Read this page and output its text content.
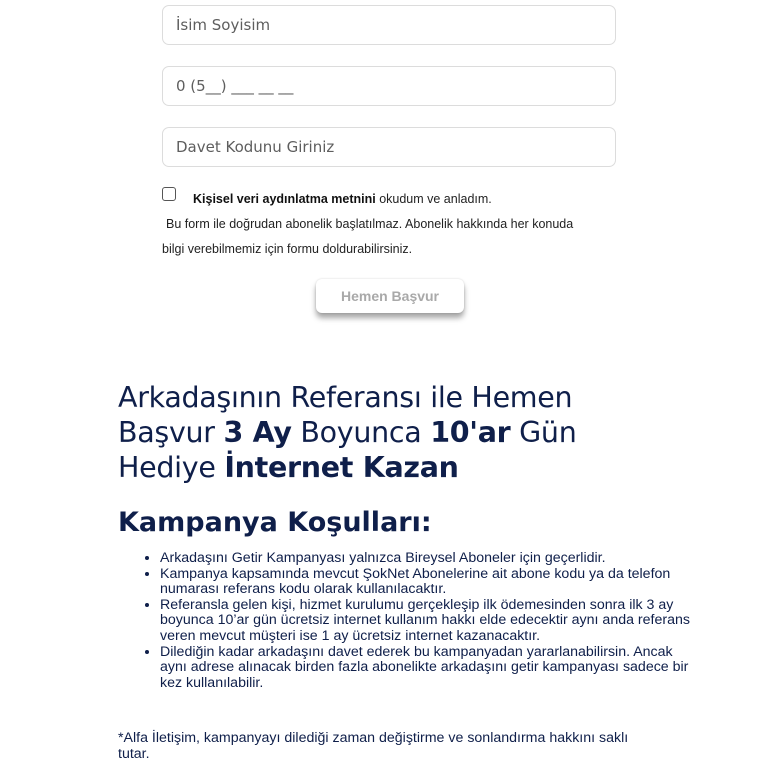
İsim Soyisim
0 (5__) ___ __ __
Davet Kodunu Giriniz
Kişisel veri aydınlatma metnini okudum ve anladım.
Bu form ile doğrudan abonelik başlatılmaz. Abonelik hakkında her konuda
bilgi verebilmemiz için formu doldurabilirsiniz.
Hemen Başvur
Arkadaşının Referansı ile Hemen Başvur 3 Ay Boyunca 10'ar Gün Hediye İnternet Kazan
Kampanya Koşulları:
• Arkadaşını Getir Kampanyası yalnızca Bireysel Aboneler için geçerlidir.
• Kampanya kapsamında mevcut ŞokNet Abonelerine ait abone kodu ya da telefon numarası referans kodu olarak kullanılacaktır.
• Referansla gelen kişi, hizmet kurulumu gerçekleşip ilk ödemesinden sonra ilk 3 ay boyunca 10’ar gün ücretsiz internet kullanım hakkı elde edecektir aynı anda referans veren mevcut müşteri ise 1 ay ücretsiz internet kazanacaktır.
• Dilediğin kadar arkadaşını davet ederek bu kampanyadan yararlanabilirsin. Ancak aynı adrese alınacak birden fazla abonelikte arkadaşını getir kampanyası sadece bir kez kullanılabilir.

*Alfa İletişim, kampanyayı dilediği zaman değiştirme ve sonlandırma hakkını saklı tutar.
